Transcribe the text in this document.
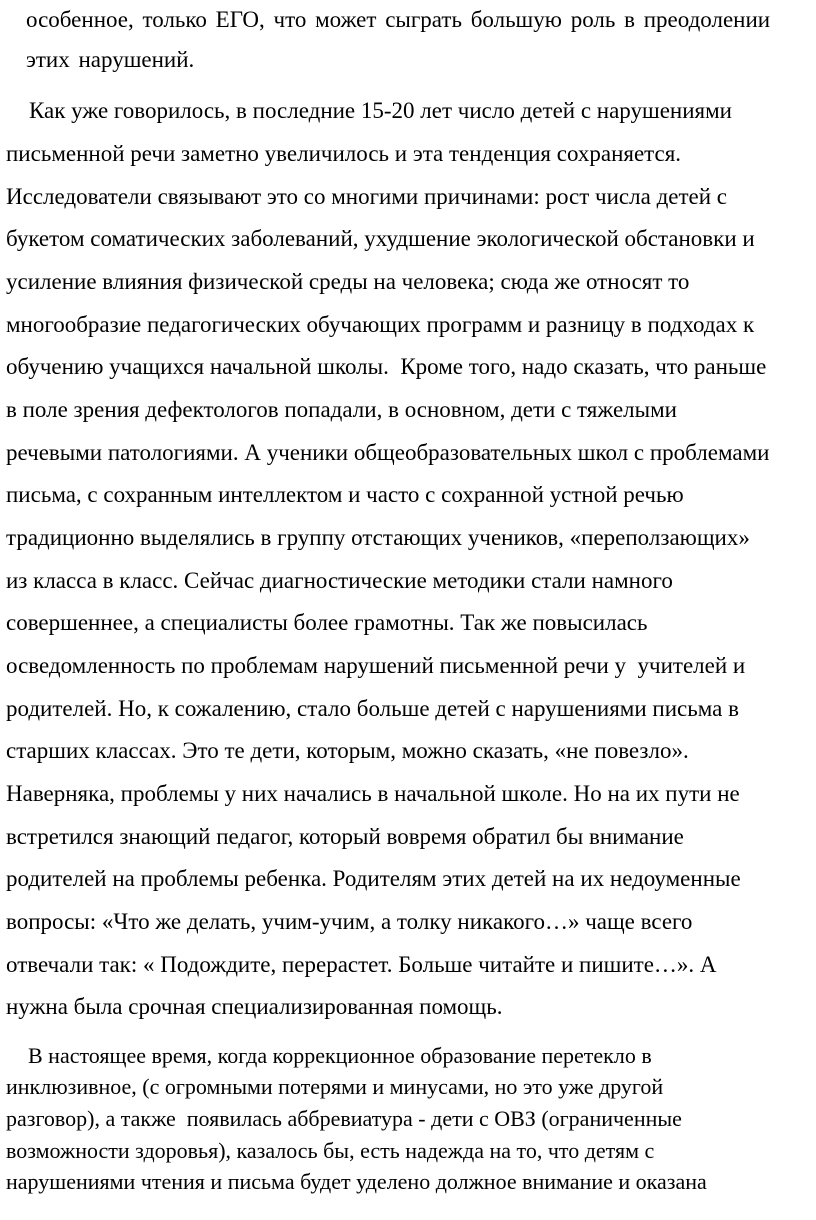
особенное, только ЕГО, что может сыграть большую роль в преодолении
этих нарушений.
Как уже говорилось, в последние 15-20 лет число детей с нарушениями
письменной речи заметно увеличилось и эта тенденция сохраняется.
Исследователи связывают это со многими причинами: рост числа детей с
букетом соматических заболеваний, ухудшение экологической обстановки и
усиление влияния физической среды на человека; сюда же относят то
многообразие педагогических обучающих программ и разницу в подходах к
обучению учащихся начальной школы.  Кроме того, надо сказать, что раньше
в поле зрения дефектологов попадали, в основном, дети с тяжелыми
речевыми патологиями. А ученики общеобразовательных школ с проблемами
письма, с сохранным интеллектом и часто с сохранной устной речью
традиционно выделялись в группу отстающих учеников, «переползающих»
из класса в класс. Сейчас диагностические методики стали намного
совершеннее, а специалисты более грамотны. Так же повысилась
осведомленность по проблемам нарушений письменной речи у  учителей и
родителей. Но, к сожалению, стало больше детей с нарушениями письма в
старших классах. Это те дети, которым, можно сказать, «не повезло».
Наверняка, проблемы у них начались в начальной школе. Но на их пути не
встретился знающий педагог, который вовремя обратил бы внимание
родителей на проблемы ребенка. Родителям этих детей на их недоуменные
вопросы: «Что же делать, учим-учим, а толку никакого…» чаще всего
отвечали так: « Подождите, перерастет. Больше читайте и пишите…». А
нужна была срочная специализированная помощь.
В настоящее время, когда коррекционное образование перетекло в
инклюзивное, (с огромными потерями и минусами, но это уже другой
разговор), а также  появилась аббревиатура - дети с ОВЗ (ограниченные
возможности здоровья), казалось бы, есть надежда на то, что детям с
нарушениями чтения и письма будет уделено должное внимание и оказана
